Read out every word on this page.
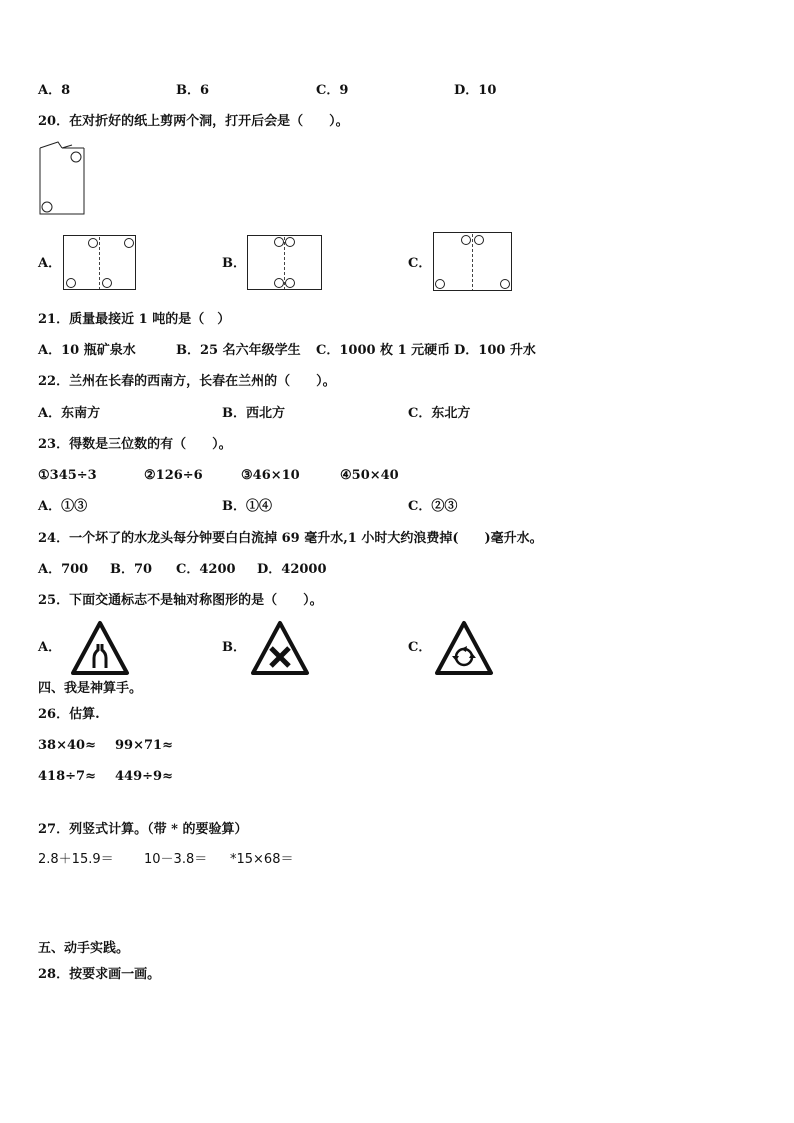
A．8	B．6	C．9	D．10
20．在对折好的纸上剪两个洞，打开后会是（　　）。
A．	B．	C．
21．质量最接近 1 吨的是（　）
A．10 瓶矿泉水	B．25 名六年级学生 C．1000 枚 1 元硬币 D．100 升水
22．兰州在长春的西南方，长春在兰州的（　　）。
A．东南方	B．西北方	C．东北方
23．得数是三位数的有（　　）。
①345÷3	②126÷6	③46×10	④50×40
A．①③	B．①④	C．②③
24．一个坏了的水龙头每分钟要白白流掉 69 毫升水,1 小时大约浪费掉(　　)毫升水。
A．700 B．70 C．4200 D．42000
25．下面交通标志不是轴对称图形的是（　　）。
A．	B．	C．
四、我是神算手。
26．估算.
38×40≈ 99×71≈
418÷7≈ 449÷9≈
27．列竖式计算。（带 * 的要验算）
2.8＋15.9＝ 10－3.8＝ *15×68＝
五、动手实践。
28．按要求画一画。
